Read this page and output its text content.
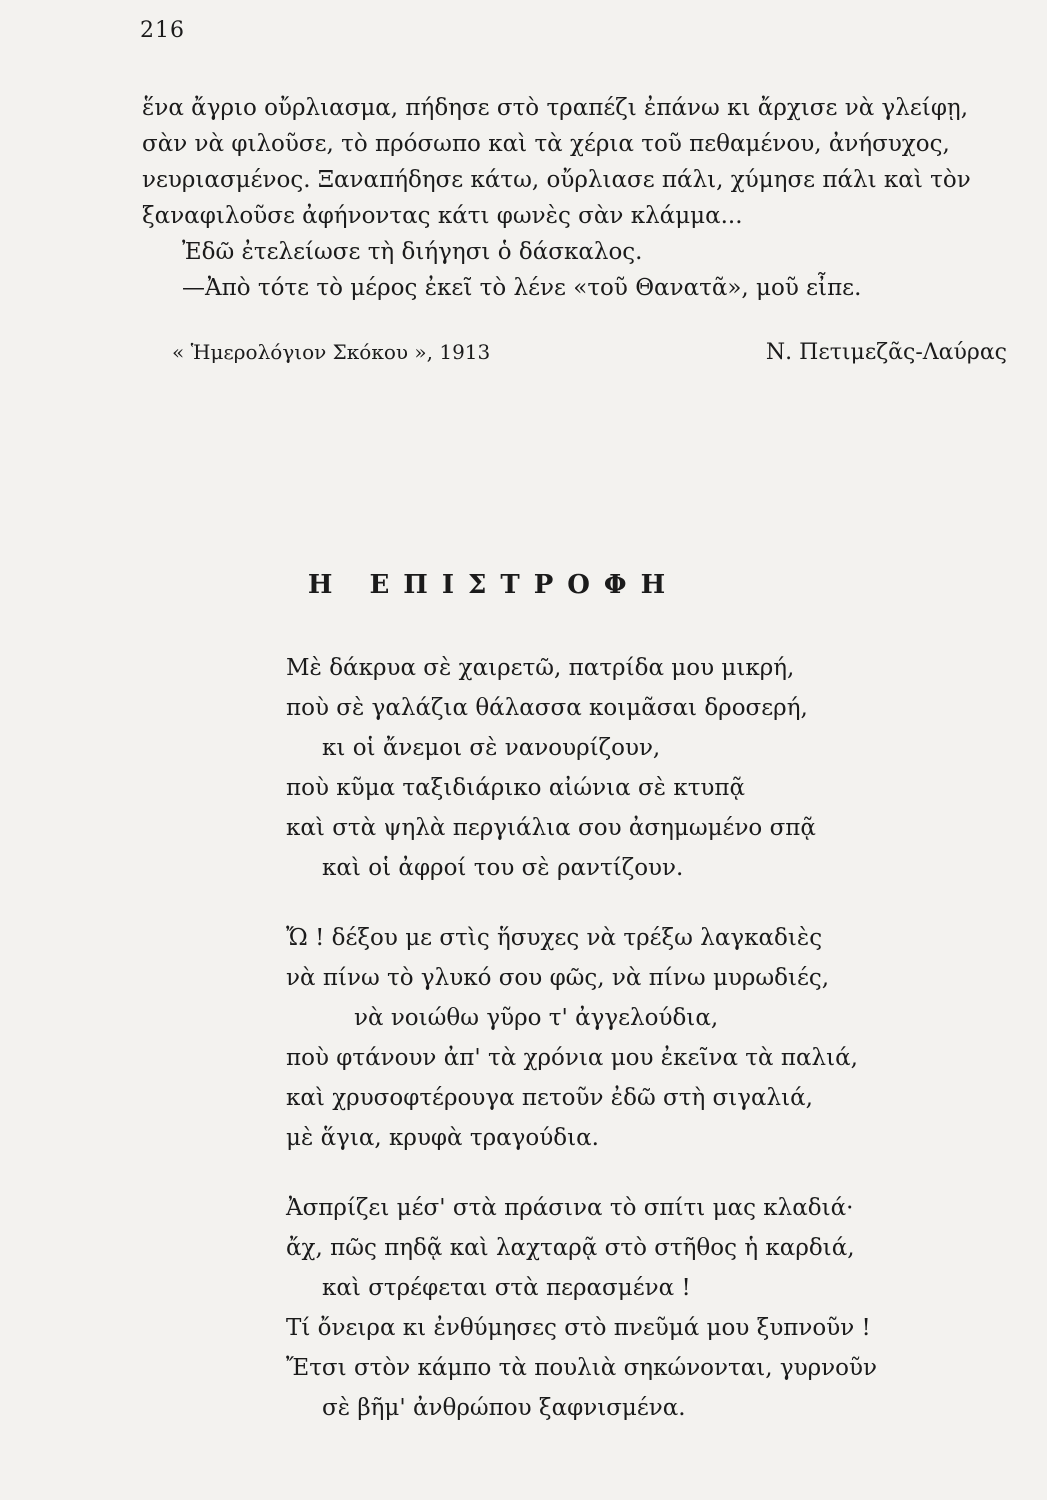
216
ἕνα ἄγριο οὔρλιασμα, πήδησε στὸ τραπέζι ἐπάνω κι ἄρχισε νὰ γλείφῃ,
σὰν νὰ φιλοῦσε, τὸ πρόσωπο καὶ τὰ χέρια τοῦ πεθαμένου, ἀνήσυχος,
νευριασμένος. Ξαναπήδησε κάτω, οὔρλιασε πάλι, χύμησε πάλι καὶ τὸν
ξαναφιλοῦσε ἀφήνοντας κάτι φωνὲς σὰν κλάμμα...
Ἐδῶ ἐτελείωσε τὴ διήγησι ὁ δάσκαλος.
—Ἀπὸ τότε τὸ μέρος ἐκεῖ τὸ λένε «τοῦ Θανατᾶ», μοῦ εἶπε.
« Ἡμερολόγιον Σκόκου », 1913	Ν. Πετιμεζᾶς-Λαύρας
Η ΕΠΙΣΤΡΟΦΗ
Μὲ δάκρυα σὲ χαιρετῶ, πατρίδα μου μικρή,
ποὺ σὲ γαλάζια θάλασσα κοιμᾶσαι δροσερή,
κι οἱ ἄνεμοι σὲ νανουρίζουν,
ποὺ κῦμα ταξιδιάρικο αἰώνια σὲ κτυπᾷ
καὶ στὰ ψηλὰ περγιάλια σου ἀσημωμένο σπᾷ
καὶ οἱ ἀφροί του σὲ ραντίζουν.
Ὤ ! δέξου με στὶς ἥσυχες νὰ τρέξω λαγκαδιὲς
νὰ πίνω τὸ γλυκό σου φῶς, νὰ πίνω μυρωδιές,
νὰ νοιώθω γῦρο τ' ἀγγελούδια,
ποὺ φτάνουν ἀπ' τὰ χρόνια μου ἐκεῖνα τὰ παλιά,
καὶ χρυσοφτέρουγα πετοῦν ἐδῶ στὴ σιγαλιά,
μὲ ἅγια, κρυφὰ τραγούδια.
Ἀσπρίζει μέσ' στὰ πράσινα τὸ σπίτι μας κλαδιά·
ἄχ, πῶς πηδᾷ καὶ λαχταρᾷ στὸ στῆθος ἡ καρδιά,
καὶ στρέφεται στὰ περασμένα !
Τί ὄνειρα κι ἐνθύμησες στὸ πνεῦμά μου ξυπνοῦν !
Ἔτσι στὸν κάμπο τὰ πουλιὰ σηκώνονται, γυρνοῦν
σὲ βῆμ' ἀνθρώπου ξαφνισμένα.
